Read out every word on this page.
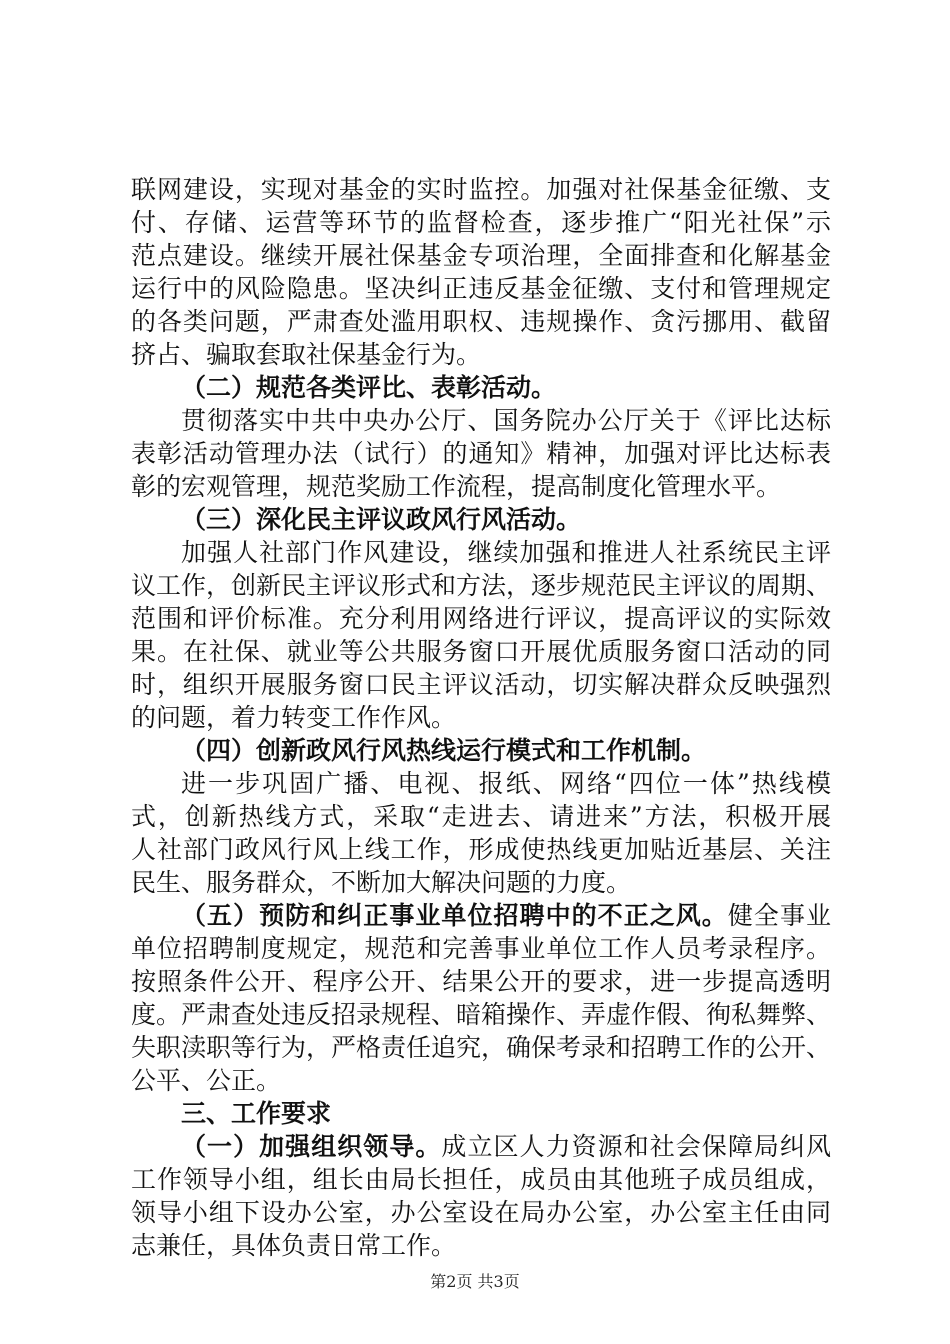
联网建设，实现对基金的实时监控。加强对社保基金征缴、支
付、存储、运营等环节的监督检查，逐步推广“阳光社保”示
范点建设。继续开展社保基金专项治理，全面排查和化解基金
运行中的风险隐患。坚决纠正违反基金征缴、支付和管理规定
的各类问题，严肃查处滥用职权、违规操作、贪污挪用、截留
挤占、骗取套取社保基金行为。
（二）规范各类评比、表彰活动。
贯彻落实中共中央办公厅、国务院办公厅关于《评比达标
表彰活动管理办法（试行）的通知》精神，加强对评比达标表
彰的宏观管理，规范奖励工作流程，提高制度化管理水平。
（三）深化民主评议政风行风活动。
加强人社部门作风建设，继续加强和推进人社系统民主评
议工作，创新民主评议形式和方法，逐步规范民主评议的周期、
范围和评价标准。充分利用网络进行评议，提高评议的实际效
果。在社保、就业等公共服务窗口开展优质服务窗口活动的同
时，组织开展服务窗口民主评议活动，切实解决群众反映强烈
的问题，着力转变工作作风。
（四）创新政风行风热线运行模式和工作机制。
进一步巩固广播、电视、报纸、网络“四位一体”热线模
式，创新热线方式，采取“走进去、请进来”方法，积极开展
人社部门政风行风上线工作，形成使热线更加贴近基层、关注
民生、服务群众，不断加大解决问题的力度。
（五）预防和纠正事业单位招聘中的不正之风。健全事业
单位招聘制度规定，规范和完善事业单位工作人员考录程序。
按照条件公开、程序公开、结果公开的要求，进一步提高透明
度。严肃查处违反招录规程、暗箱操作、弄虚作假、徇私舞弊、
失职渎职等行为，严格责任追究，确保考录和招聘工作的公开、
公平、公正。
三、工作要求
（一）加强组织领导。成立区人力资源和社会保障局纠风
工作领导小组，组长由局长担任，成员由其他班子成员组成，
领导小组下设办公室，办公室设在局办公室，办公室主任由同
志兼任，具体负责日常工作。
第2页 共3页
